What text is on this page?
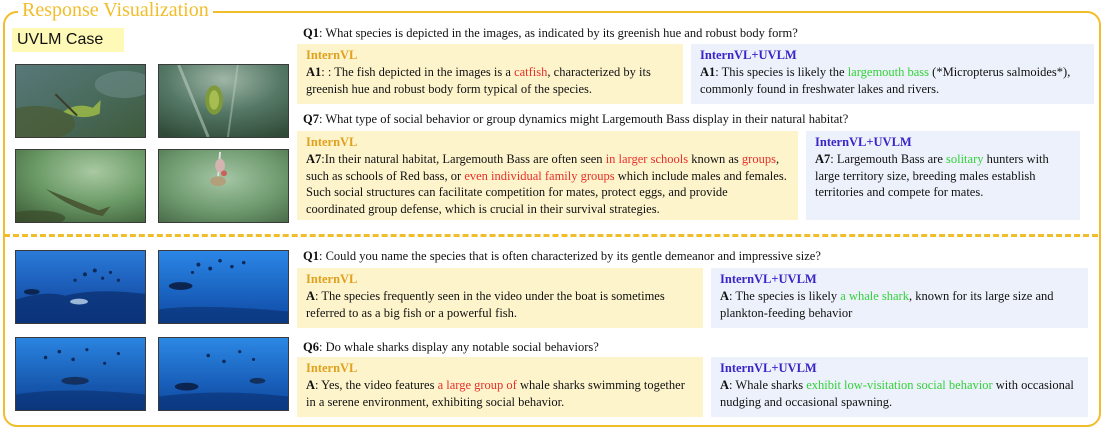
Response Visualization
UVLM Case	Q1: What species is depicted in the images, as indicated by its greenish hue and robust body form?
InternVL
A1: : The fish depicted in the images is a catfish, characterized by its greenish hue and robust body form typical of the species.
InternVL+UVLM
A1: This species is likely the largemouth bass (*Micropterus salmoides*), commonly found in freshwater lakes and rivers.
Q7: What type of social behavior or group dynamics might Largemouth Bass display in their natural habitat?
InternVL
A7:In their natural habitat, Largemouth Bass are often seen in larger schools known as groups, such as schools of Red bass, or even individual family groups which include males and females. Such social structures can facilitate competition for mates, protect eggs, and provide coordinated group defense, which is crucial in their survival strategies.
InternVL+UVLM
A7: Largemouth Bass are solitary hunters with large territory size, breeding males establish territories and compete for mates.
Q1: Could you name the species that is often characterized by its gentle demeanor and impressive size?
InternVL
A: The species frequently seen in the video under the boat is sometimes referred to as a big fish or a powerful fish.
InternVL+UVLM
A: The species is likely a whale shark, known for its large size and plankton-feeding behavior
Q6: Do whale sharks display any notable social behaviors?
InternVL
A: Yes, the video features a large group of whale sharks swimming together in a serene environment, exhibiting social behavior.
InternVL+UVLM
A: Whale sharks exhibit low-visitation social behavior with occasional nudging and occasional spawning.
